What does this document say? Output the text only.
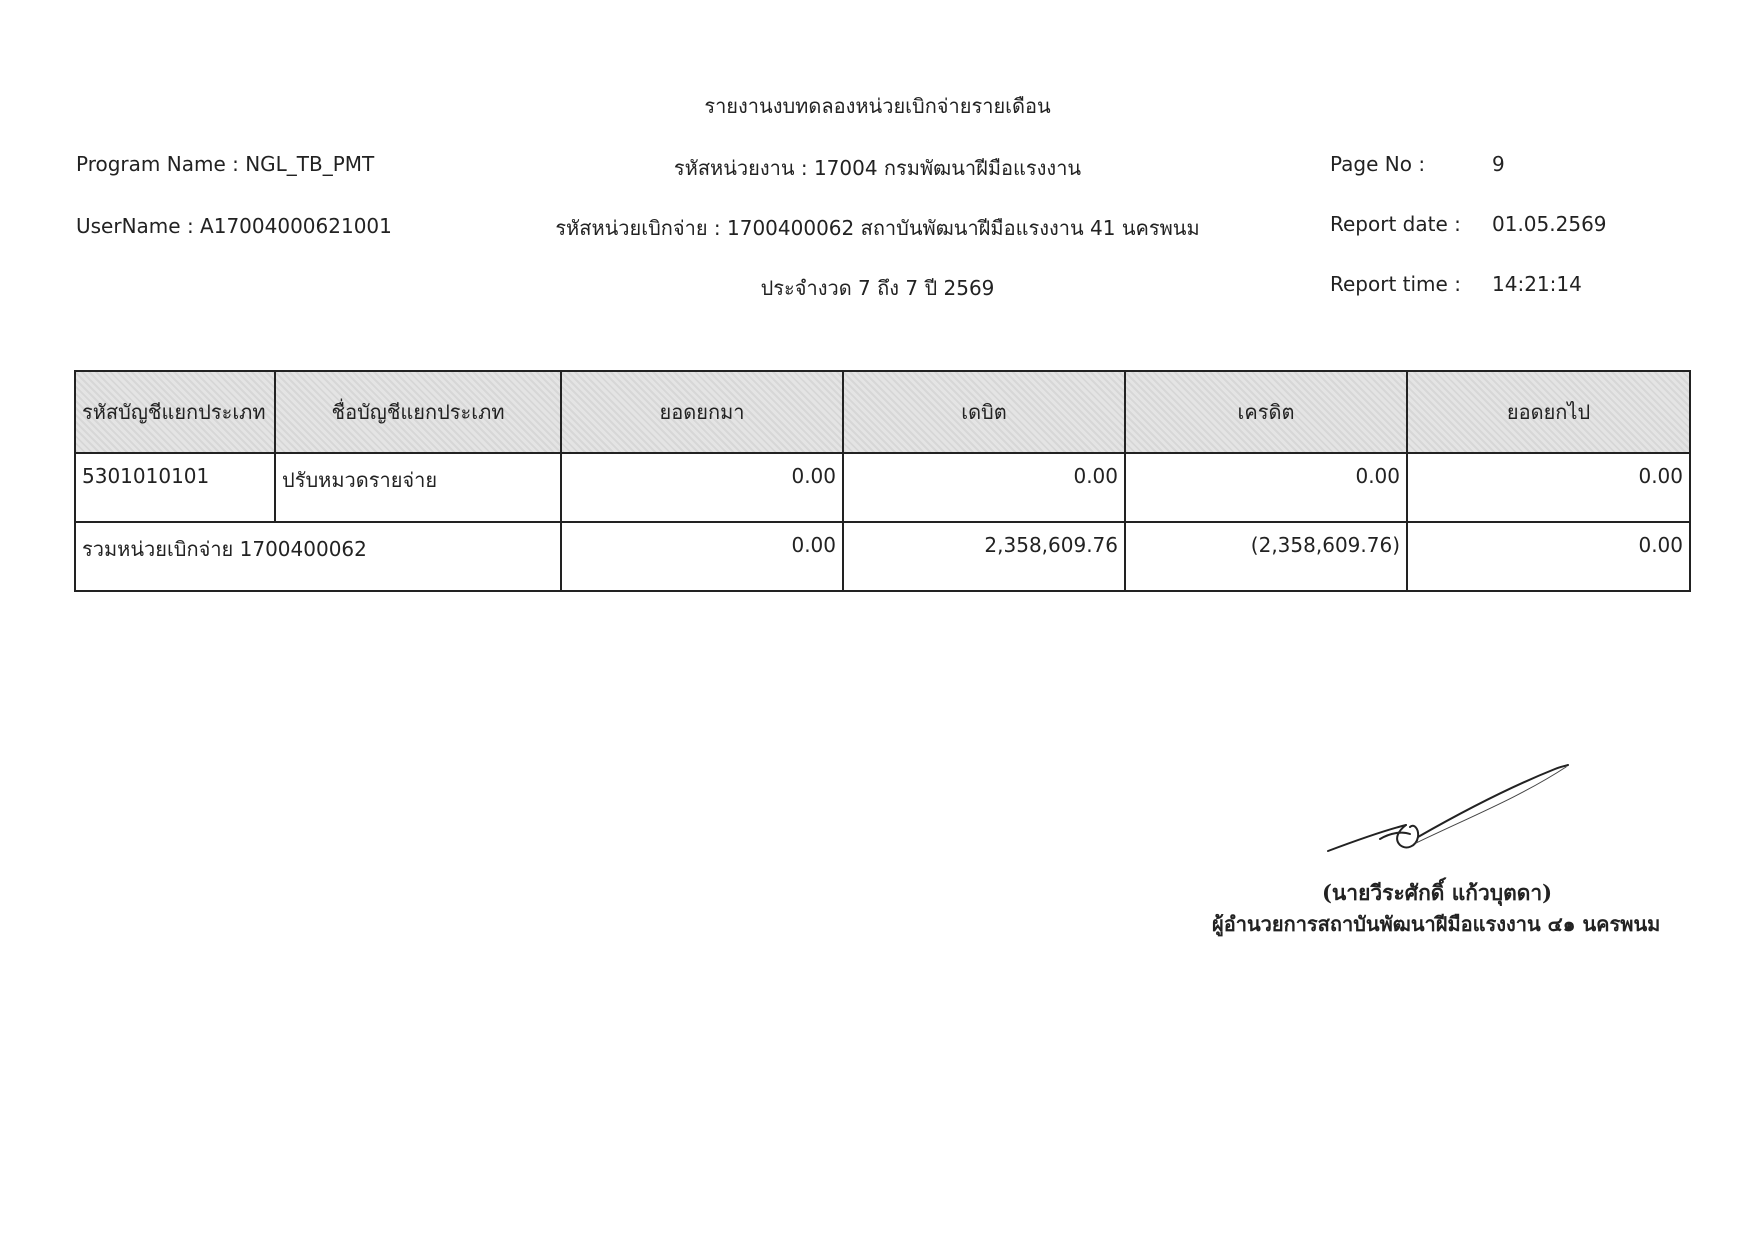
รายงานงบทดลองหน่วยเบิกจ่ายรายเดือน
Program Name : NGL_TB_PMT	รหัสหน่วยงาน : 17004 กรมพัฒนาฝีมือแรงงาน	Page No :	9
UserName : A17004000621001	รหัสหน่วยเบิกจ่าย : 1700400062 สถาบันพัฒนาฝีมือแรงงาน 41 นครพนม	Report date : 01.05.2569
ประจำงวด 7 ถึง 7 ปี 2569	Report time : 14:21:14
รหัสบัญชีแยกประเภท	ชื่อบัญชีแยกประเภท	ยอดยกมา	เดบิต	เครดิต	ยอดยกไป
5301010101	ปรับหมวดรายจ่าย	0.00	0.00	0.00	0.00
รวมหน่วยเบิกจ่าย 1700400062		0.00	2,358,609.76	(2,358,609.76)	0.00
(นายวีระศักดิ์ แก้วบุตดา)
ผู้อำนวยการสถาบันพัฒนาฝีมือแรงงาน ๔๑ นครพนม
